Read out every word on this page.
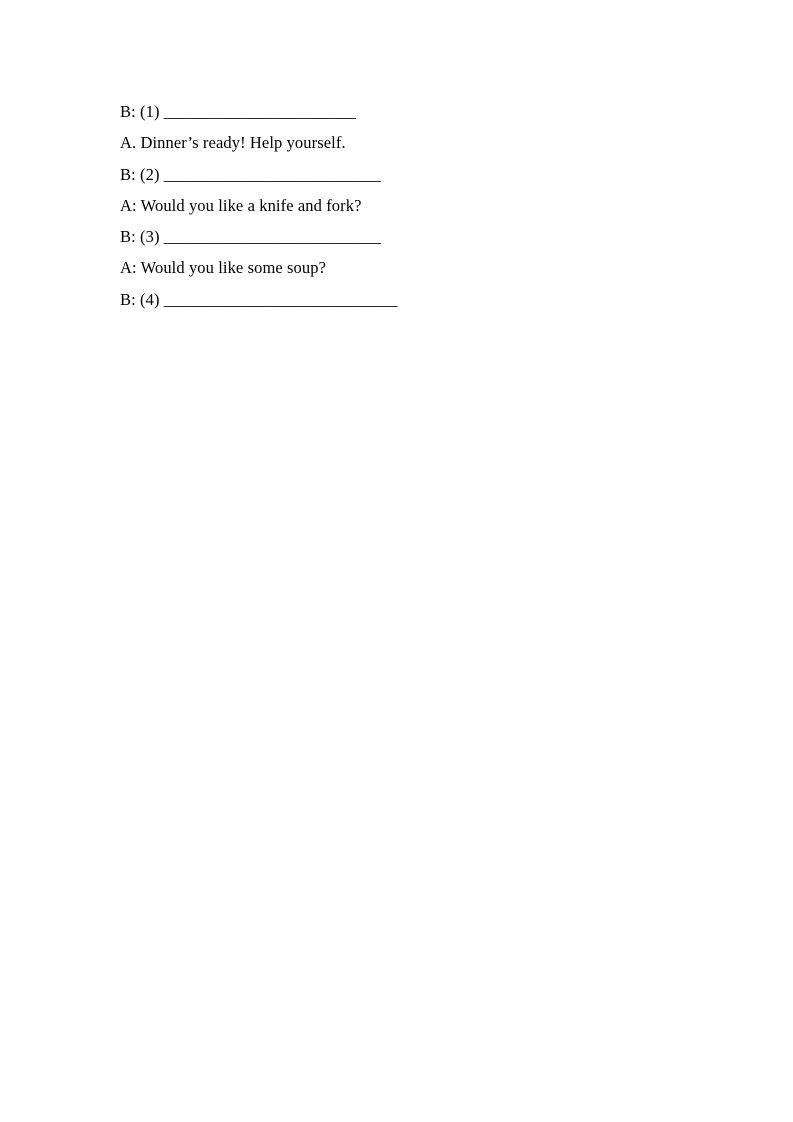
B: (1) _______________________

A. Dinner’s ready! Help yourself.

B: (2) __________________________

A: Would you like a knife and fork?

B: (3) __________________________

A: Would you like some soup?

B: (4) ____________________________
